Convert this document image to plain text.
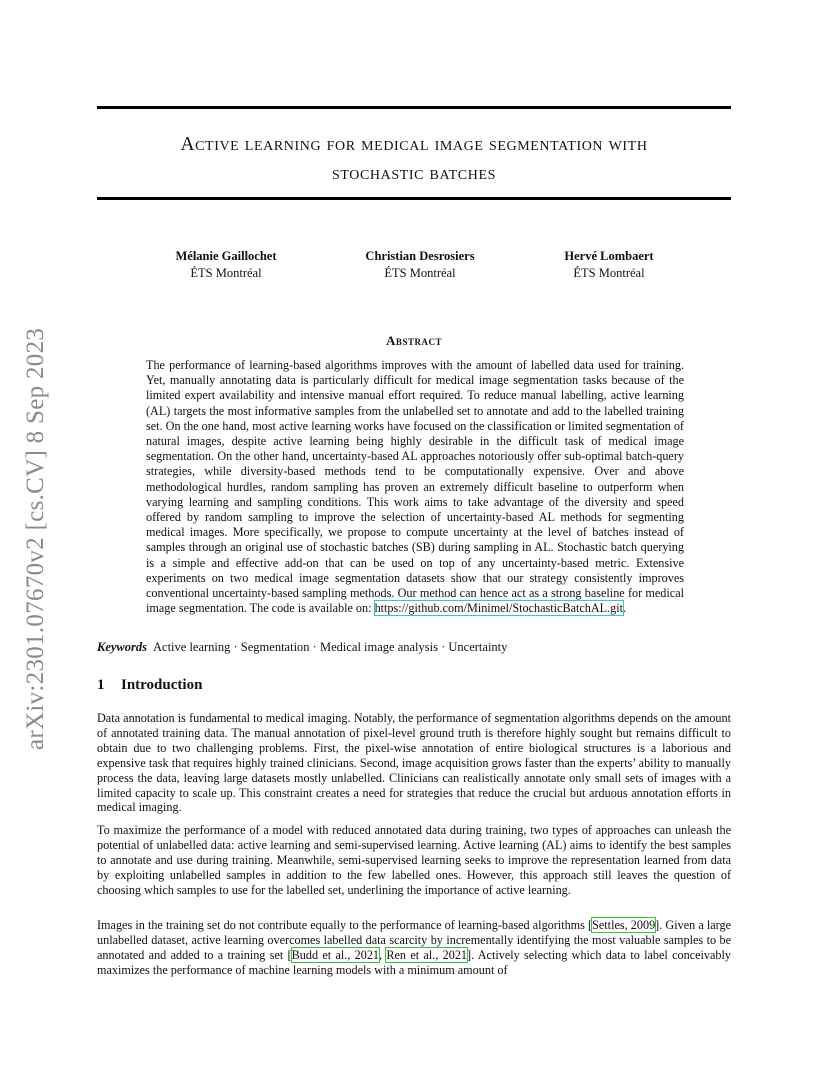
arXiv:2301.07670v2 [cs.CV] 8 Sep 2023
Active learning for medical image segmentation with
stochastic batches
Mélanie Gaillochet
ÉTS Montréal
Christian Desrosiers
ÉTS Montréal
Hervé Lombaert
ÉTS Montréal
Abstract
The performance of learning-based algorithms improves with the amount of labelled data used for training. Yet, manually annotating data is particularly difficult for medical image segmentation tasks because of the limited expert availability and intensive manual effort required. To reduce manual labelling, active learning (AL) targets the most informative samples from the unlabelled set to annotate and add to the labelled training set. On the one hand, most active learning works have focused on the classification or limited segmentation of natural images, despite active learning being highly desirable in the difficult task of medical image segmentation. On the other hand, uncertainty-based AL approaches notoriously offer sub-optimal batch-query strategies, while diversity-based methods tend to be computationally expensive. Over and above methodological hurdles, random sampling has proven an extremely difficult baseline to outperform when varying learning and sampling conditions. This work aims to take advantage of the diversity and speed offered by random sampling to improve the selection of uncertainty-based AL methods for segmenting medical images. More specifically, we propose to compute uncertainty at the level of batches instead of samples through an original use of stochastic batches (SB) during sampling in AL. Stochastic batch querying is a simple and effective add-on that can be used on top of any uncertainty-based metric. Extensive experiments on two medical image segmentation datasets show that our strategy consistently improves conventional uncertainty-based sampling methods. Our method can hence act as a strong baseline for medical image segmentation. The code is available on: https://github.com/Minimel/StochasticBatchAL.git.
Keywords Active learning · Segmentation · Medical image analysis · Uncertainty
1 Introduction

Data annotation is fundamental to medical imaging. Notably, the performance of segmentation algorithms depends on the amount of annotated training data. The manual annotation of pixel-level ground truth is therefore highly sought but remains difficult to obtain due to two challenging problems. First, the pixel-wise annotation of entire biological structures is a laborious and expensive task that requires highly trained clinicians. Second, image acquisition grows faster than the experts’ ability to manually process the data, leaving large datasets mostly unlabelled. Clinicians can realistically annotate only small sets of images with a limited capacity to scale up. This constraint creates a need for strategies that reduce the crucial but arduous annotation efforts in medical imaging.

To maximize the performance of a model with reduced annotated data during training, two types of approaches can unleash the potential of unlabelled data: active learning and semi-supervised learning. Active learning (AL) aims to identify the best samples to annotate and use during training. Meanwhile, semi-supervised learning seeks to improve the representation learned from data by exploiting unlabelled samples in addition to the few labelled ones. However, this approach still leaves the question of choosing which samples to use for the labelled set, underlining the importance of active learning.

Images in the training set do not contribute equally to the performance of learning-based algorithms [Settles, 2009]. Given a large unlabelled dataset, active learning overcomes labelled data scarcity by incrementally identifying the most valuable samples to be annotated and added to a training set [Budd et al., 2021, Ren et al., 2021]. Actively selecting which data to label conceivably maximizes the performance of machine learning models with a minimum amount of
